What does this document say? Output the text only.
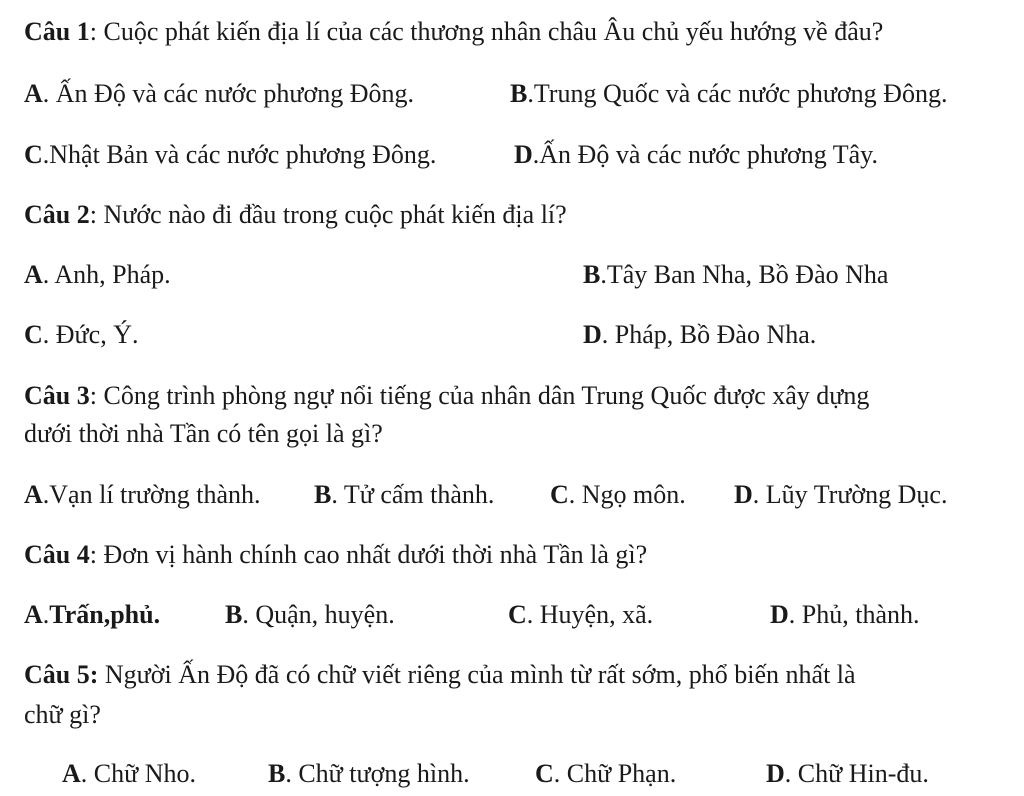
Câu 1: Cuộc phát kiến địa lí của các thương nhân châu Âu chủ yếu hướng về đâu?
A. Ấn Độ và các nước phương Đông.	B.Trung Quốc và các nước phương Đông.
C.Nhật Bản và các nước phương Đông.	D.Ấn Độ và các nước phương Tây.
Câu 2: Nước nào đi đầu trong cuộc phát kiến địa lí?
A. Anh, Pháp.	B.Tây Ban Nha, Bồ Đào Nha
C. Đức, Ý.	D. Pháp, Bồ Đào Nha.
Câu 3: Công trình phòng ngự nổi tiếng của nhân dân Trung Quốc được xây dựng
dưới thời nhà Tần có tên gọi là gì?
A.Vạn lí trường thành. B. Tử cấm thành. C. Ngọ môn. D. Lũy Trường Dục.
Câu 4: Đơn vị hành chính cao nhất dưới thời nhà Tần là gì?
A.Trấn,phủ. B. Quận, huyện.	C. Huyện, xã.	D. Phủ, thành.
Câu 5: Người Ấn Độ đã có chữ viết riêng của mình từ rất sớm, phổ biến nhất là
chữ gì?
A. Chữ Nho.	B. Chữ tượng hình.	C. Chữ Phạn.	D. Chữ Hin-đu.
